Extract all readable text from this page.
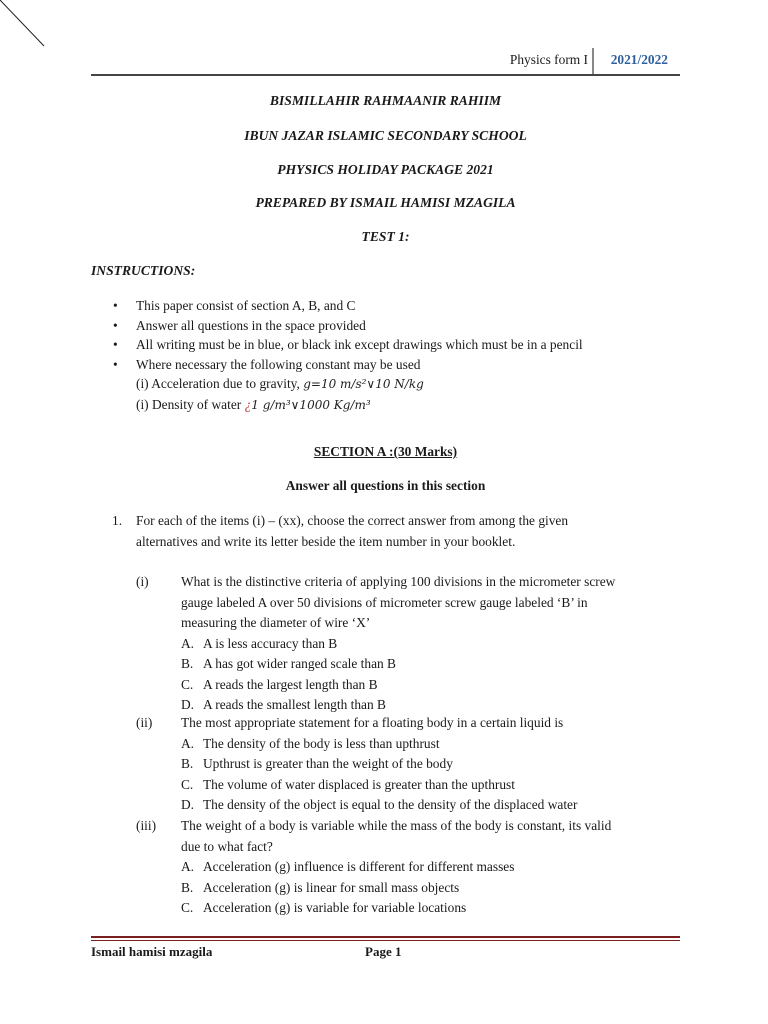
Physics form I 2021/2022
BISMILLAHIR RAHMAANIR RAHIIM
IBUN JAZAR ISLAMIC SECONDARY SCHOOL
PHYSICS HOLIDAY PACKAGE 2021
PREPARED BY ISMAIL HAMISI MZAGILA
TEST 1:
INSTRUCTIONS:
• This paper consist of section A, B, and C
• Answer all questions in the space provided
• All writing must be in blue, or black ink except drawings which must be in a pencil
• Where necessary the following constant may be used
(i) Acceleration due to gravity, g=10 m/s²∨10 N/kg
(i) Density of water ¿1 g/m³∨1000 Kg/m³
SECTION A :(30 Marks)
Answer all questions in this section
1. For each of the items (i) – (xx), choose the correct answer from among the given
alternatives and write its letter beside the item number in your booklet.
(i) What is the distinctive criteria of applying 100 divisions in the micrometer screw
gauge labeled A over 50 divisions of micrometer screw gauge labeled ‘B’ in
measuring the diameter of wire ‘X’
A. A is less accuracy than B
B. A has got wider ranged scale than B
C. A reads the largest length than B
D. A reads the smallest length than B
(ii) The most appropriate statement for a floating body in a certain liquid is
A. The density of the body is less than upthrust
B. Upthrust is greater than the weight of the body
C. The volume of water displaced is greater than the upthrust
D. The density of the object is equal to the density of the displaced water
(iii) The weight of a body is variable while the mass of the body is constant, its valid
due to what fact?
A. Acceleration (g) influence is different for different masses
B. Acceleration (g) is linear for small mass objects
C. Acceleration (g) is variable for variable locations
Ismail hamisi mzagila	Page 1
